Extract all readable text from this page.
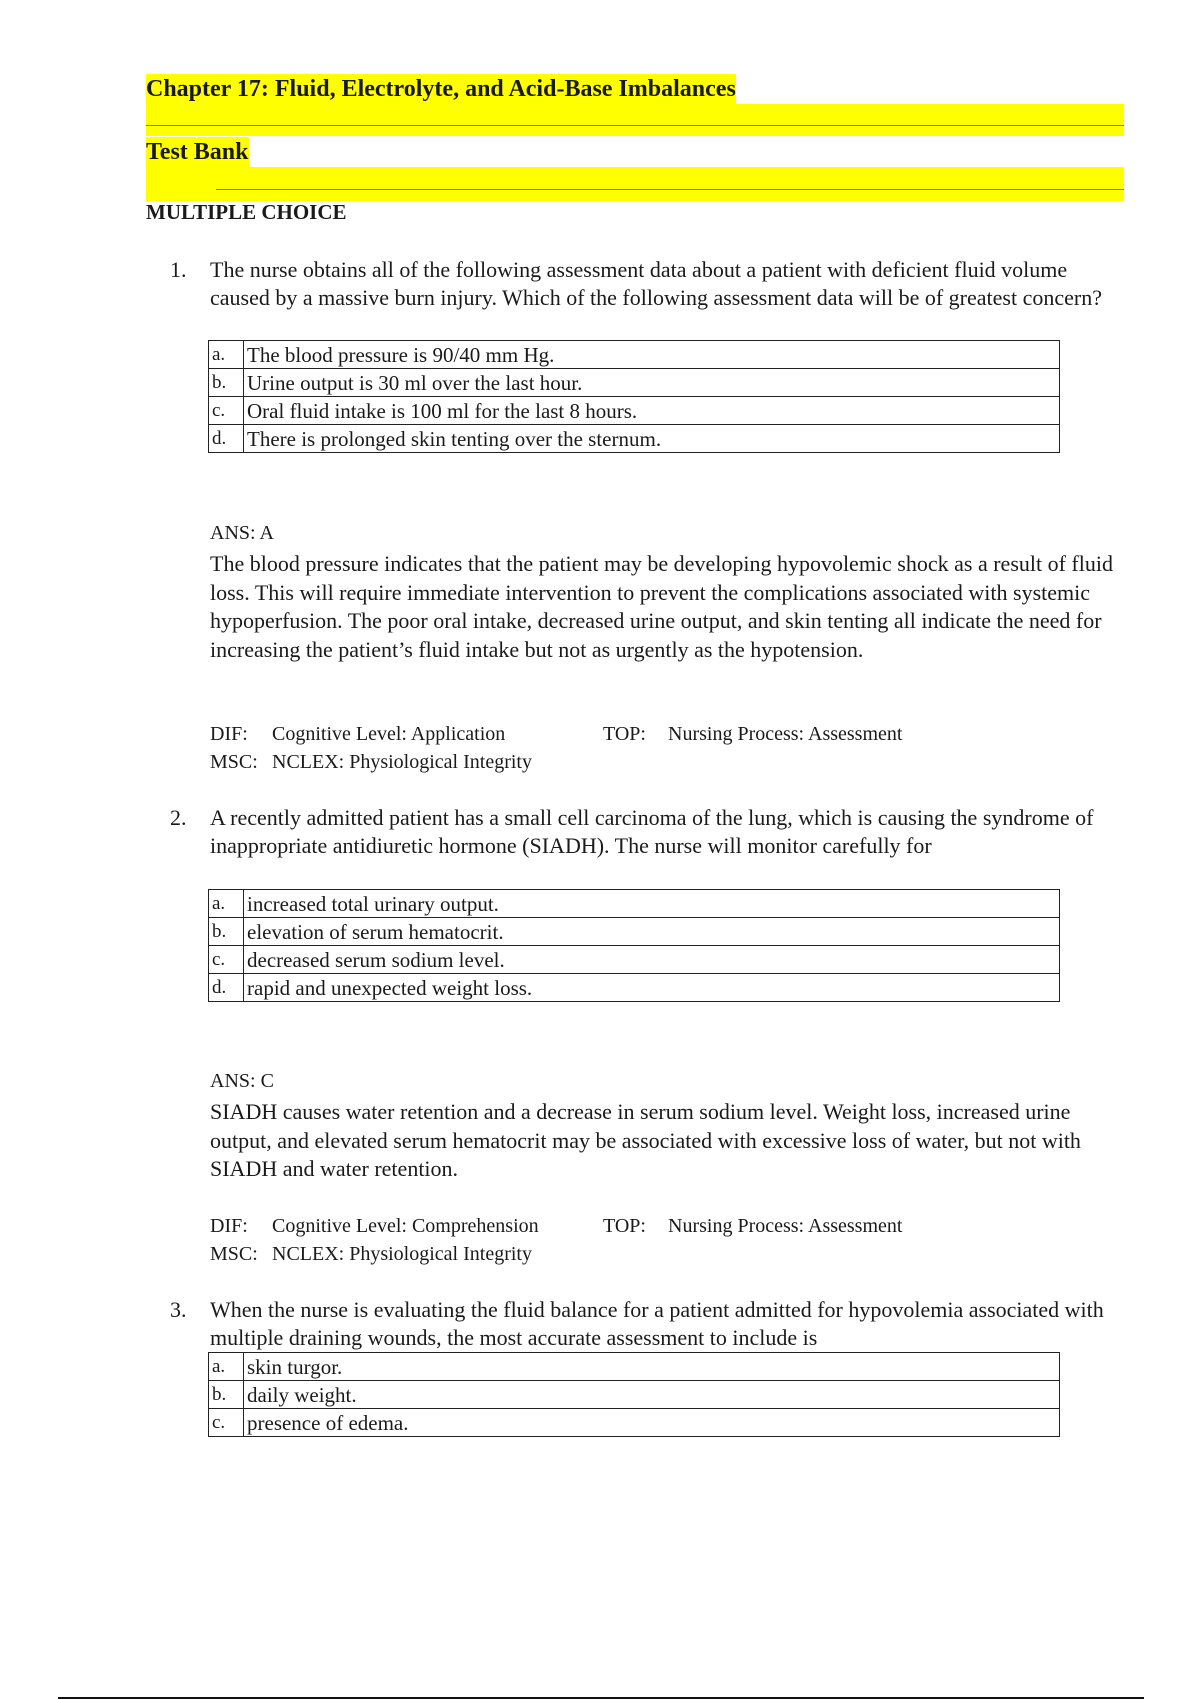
Chapter 17: Fluid, Electrolyte, and Acid-Base Imbalances
Test Bank
MULTIPLE CHOICE
1. The nurse obtains all of the following assessment data about a patient with deficient fluid volume caused by a massive burn injury. Which of the following assessment data will be of greatest concern?
a.	The blood pressure is 90/40 mm Hg.
b.	Urine output is 30 ml over the last hour.
c.	Oral fluid intake is 100 ml for the last 8 hours.
d.	There is prolonged skin tenting over the sternum.
ANS: A
The blood pressure indicates that the patient may be developing hypovolemic shock as a result of fluid loss. This will require immediate intervention to prevent the complications associated with systemic hypoperfusion. The poor oral intake, decreased urine output, and skin tenting all indicate the need for increasing the patient’s fluid intake but not as urgently as the hypotension.
DIF: Cognitive Level: Application	TOP: Nursing Process: Assessment
MSC: NCLEX: Physiological Integrity
2. A recently admitted patient has a small cell carcinoma of the lung, which is causing the syndrome of inappropriate antidiuretic hormone (SIADH). The nurse will monitor carefully for
a.	increased total urinary output.
b.	elevation of serum hematocrit.
c.	decreased serum sodium level.
d.	rapid and unexpected weight loss.
ANS: C
SIADH causes water retention and a decrease in serum sodium level. Weight loss, increased urine output, and elevated serum hematocrit may be associated with excessive loss of water, but not with SIADH and water retention.
DIF: Cognitive Level: Comprehension	TOP: Nursing Process: Assessment
MSC: NCLEX: Physiological Integrity
3. When the nurse is evaluating the fluid balance for a patient admitted for hypovolemia associated with multiple draining wounds, the most accurate assessment to include is
a.	skin turgor.
b.	daily weight.
c.	presence of edema.
